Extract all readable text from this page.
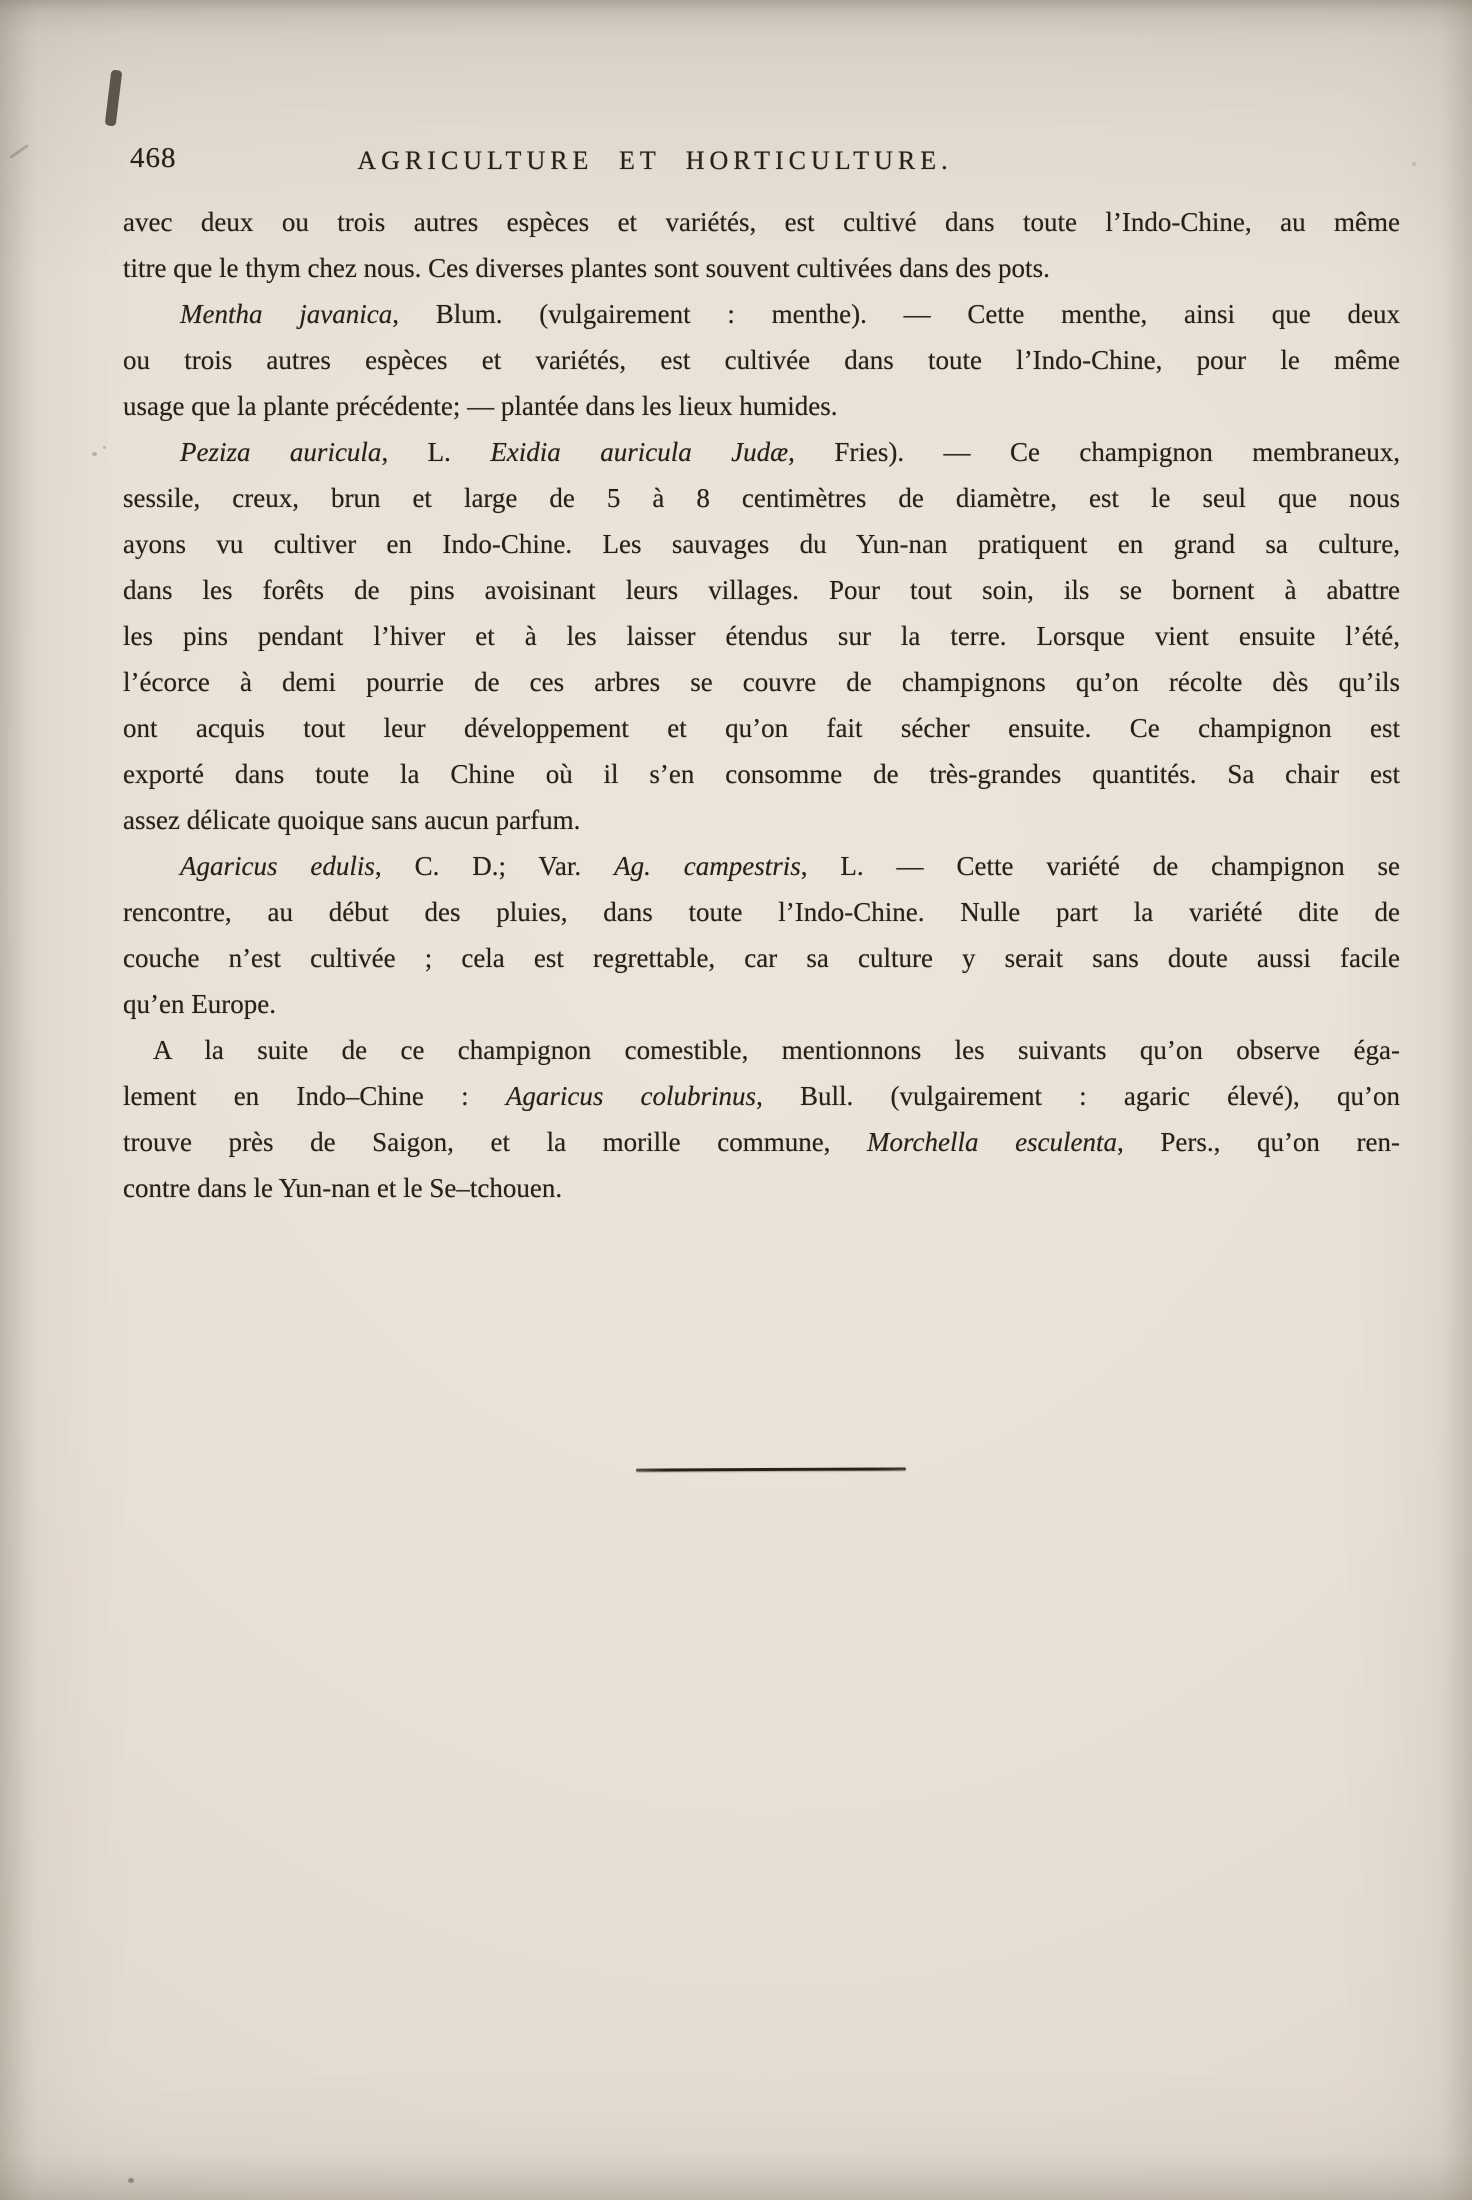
468	AGRICULTURE ET HORTICULTURE.
avec deux ou trois autres espèces et variétés, est cultivé dans toute l’Indo-Chine, au même
titre que le thym chez nous. Ces diverses plantes sont souvent cultivées dans des pots.
Mentha javanica, Blum. (vulgairement : menthe). — Cette menthe, ainsi que deux
ou trois autres espèces et variétés, est cultivée dans toute l’Indo-Chine, pour le même
usage que la plante précédente; — plantée dans les lieux humides.
Peziza auricula, L. Exidia auricula Judæ, Fries). — Ce champignon membraneux,
sessile, creux, brun et large de 5 à 8 centimètres de diamètre, est le seul que nous
ayons vu cultiver en Indo-Chine. Les sauvages du Yun-nan pratiquent en grand sa culture,
dans les forêts de pins avoisinant leurs villages. Pour tout soin, ils se bornent à abattre
les pins pendant l’hiver et à les laisser étendus sur la terre. Lorsque vient ensuite l’été,
l’écorce à demi pourrie de ces arbres se couvre de champignons qu’on récolte dès qu’ils
ont acquis tout leur développement et qu’on fait sécher ensuite. Ce champignon est
exporté dans toute la Chine où il s’en consomme de très-grandes quantités. Sa chair est
assez délicate quoique sans aucun parfum.
Agaricus edulis, C. D.; Var. Ag. campestris, L. — Cette variété de champignon se
rencontre, au début des pluies, dans toute l’Indo-Chine. Nulle part la variété dite de
couche n’est cultivée ; cela est regrettable, car sa culture y serait sans doute aussi facile
qu’en Europe.
A la suite de ce champignon comestible, mentionnons les suivants qu’on observe éga-
lement en Indo–Chine : Agaricus colubrinus, Bull. (vulgairement : agaric élevé), qu’on
trouve près de Saigon, et la morille commune, Morchella esculenta, Pers., qu’on ren-
contre dans le Yun-nan et le Se–tchouen.
